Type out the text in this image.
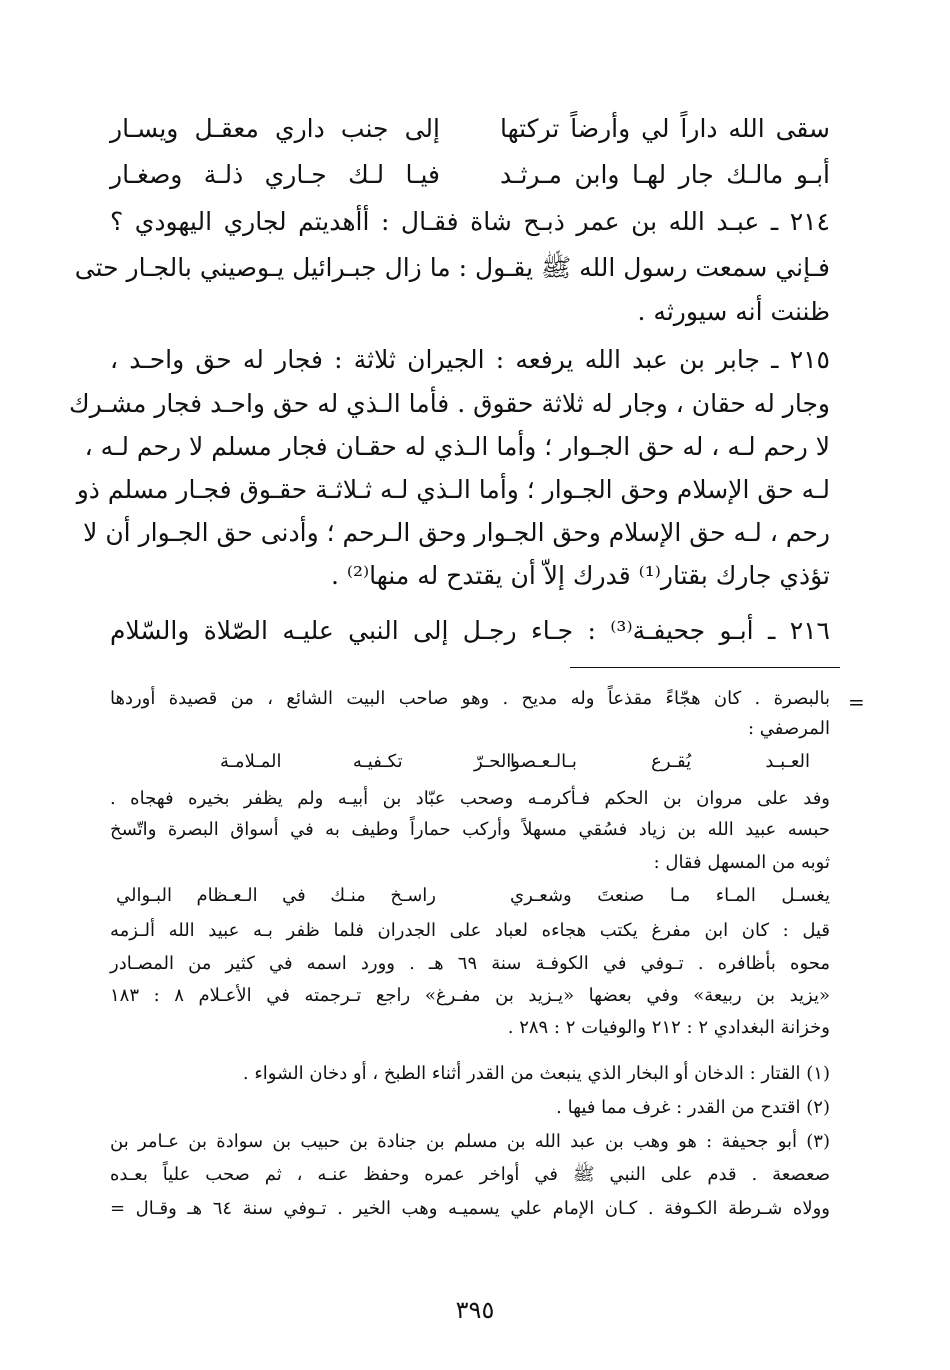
سقى الله داراً لي وأرضاً تركتها
إلى جنب داري معقـل ويسـار
أبـو مالـك جار لهـا وابن مـرثـد
فيـا لـك جـاري ذلـة وصغـار
٢١٤ ـ عبـد الله بن عمر ذبـح شاة فقـال : أأهديتم لجاري اليهودي ؟
فـإني سمعت رسول الله ﷺ يقـول : ما زال جبـرائيل يـوصيني بالجـار حتى
ظننت أنه سيورثه .
٢١٥ ـ جابر بن عبد الله يرفعه : الجيران ثلاثة : فجار له حق واحـد ،
وجار له حقان ، وجار له ثلاثة حقوق . فأما الـذي له حق واحـد فجار مشـرك
لا رحم لـه ، له حق الجـوار ؛ وأما الـذي له حقـان فجار مسلم لا رحم لـه ،
لـه حق الإسلام وحق الجـوار ؛ وأما الـذي لـه ثـلاثـة حقـوق فجـار مسلم ذو
رحم ، لـه حق الإسلام وحق الجـوار وحق الـرحم ؛ وأدنى حق الجـوار أن لا
تؤذي جارك بقتار⁽¹⁾ قدرك إلاّ أن يقتدح له منها⁽²⁾ .
٢١٦ ـ أبـو جحيفـة⁽³⁾ : جـاء رجـل إلى النبي عليـه الصّلاة والسّلام
=
بالبصرة . كان هجّاءً مقذعاً وله مديح . وهو صاحب البيت الشائع ، من قصيدة أوردها
المرصفي :
العـبـد يُقـرع بـالـعـصـا
والحـرّ تكـفيـه المـلامـة
وفد على مروان بن الحكم فـأكرمـه وصحب عبّاد بن أبيـه ولم يظفر بخيره فهجاه .
حبسه عبيد الله بن زياد فسُقي مسهلاً وأركب حماراً وطيف به في أسواق البصرة واتّسخ
ثوبه من المسهل فقال :
يغسـل المـاء مـا صنعتَ وشعـري
راسـخ منـك في الـعـظام البـوالي
قيل : كان ابن مفرغ يكتب هجاءه لعباد على الجدران فلما ظفر بـه عبيد الله ألـزمه
محوه بأظافره . تـوفي في الكوفـة سنة ٦٩ هـ . وورد اسمه في كثير من المصـادر
«يزيد بن ربيعة» وفي بعضها «يـزيد بن مفـرغ» راجع تـرجمته في الأعـلام ٨ : ١٨٣
وخزانة البغدادي ٢ : ٢١٢ والوفيات ٢ : ٢٨٩ .
(١) القتار : الدخان أو البخار الذي ينبعث من القدر أثناء الطبخ ، أو دخان الشواء .
(٢) اقتدح من القدر : غرف مما فيها .
(٣) أبو جحيفة : هو وهب بن عبد الله بن مسلم بن جنادة بن حبيب بن سوادة بن عـامر بن
صعصعة . قدم على النبي ﷺ في أواخر عمره وحفظ عنـه ، ثم صحب علياً بعـده
وولاه شـرطة الكـوفة . كـان الإمام علي يسميـه وهب الخير . تـوفي سنة ٦٤ هـ وقـال =
٣٩٥
